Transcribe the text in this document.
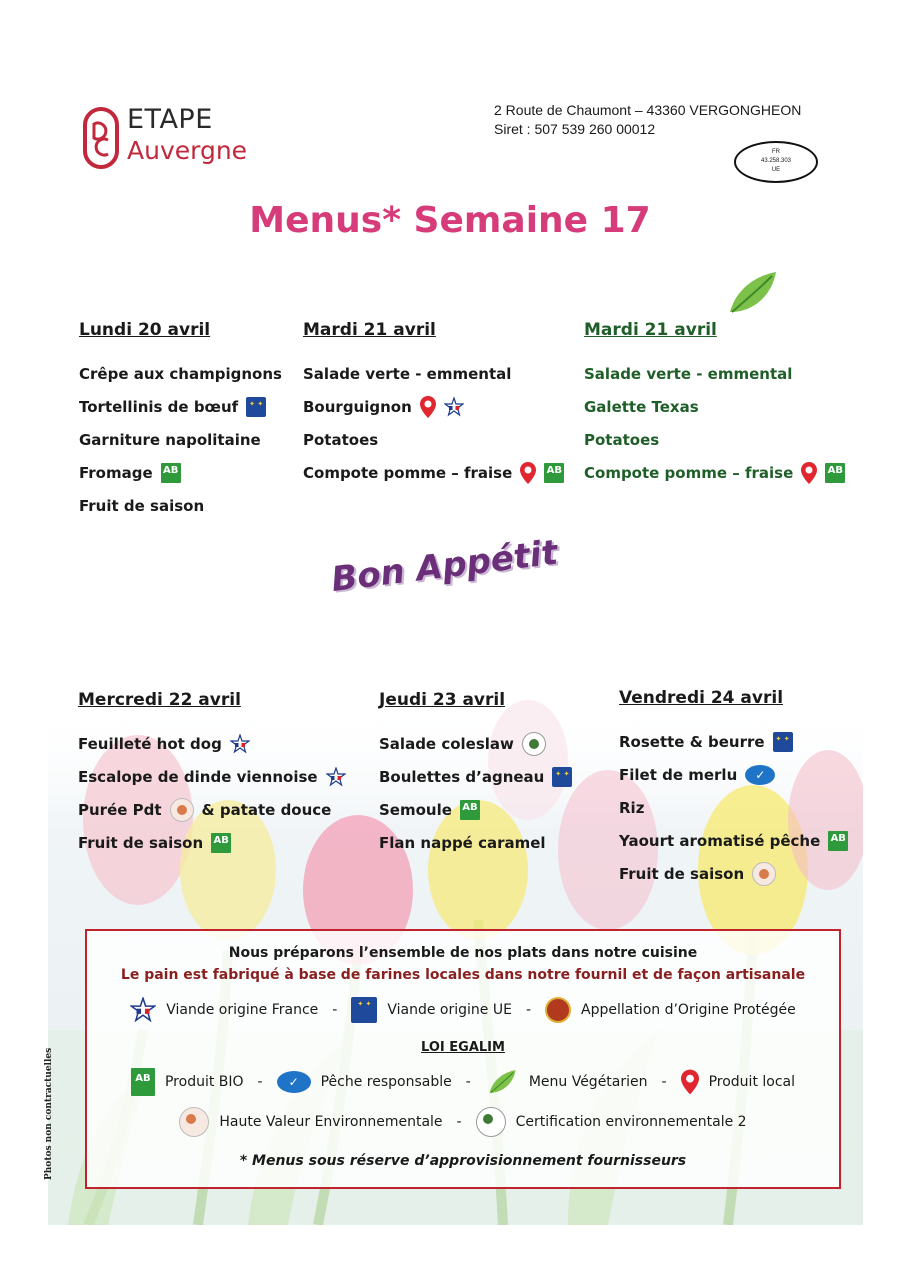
ETAPE
Auvergne
2 Route de Chaumont – 43360 VERGONGHEON
Siret : 507 539 260 00012
FR
43.258.303
UE
Menus* Semaine 17
Lundi 20 avril
Crêpe aux champignons
Tortellinis de bœuf
✦ ✦
Garniture napolitaine
Fromage AB
Fruit de saison
Mardi 21 avril
Salade verte - emmental
Bourguignon
Potatoes
Compote pomme – fraise	AB
Mardi 21 avril
Salade verte - emmental
Galette Texas
Potatoes
Compote pomme – fraise	AB
Bon Appétit
Mercredi 22 avril
Feuilleté hot dog
Escalope de dinde viennoise
Purée Pdt	& patate douce
Fruit de saison AB
Jeudi 23 avril
Salade coleslaw
Boulettes d’agneau
✦ ✦
Semoule AB
Flan nappé caramel
Vendredi 24 avril
Rosette & beurre
✦ ✦
Filet de merlu	✓
Riz
Yaourt aromatisé pêche AB
Fruit de saison
Nous préparons l’ensemble de nos plats dans notre cuisine
Le pain est fabriqué à base de farines locales dans notre fournil et de façon artisanale
Viande origine France -
✦ ✦	Viande origine UE -	Appellation d’Origine Protégée
LOI EGALIM
AB	Produit BIO -	✓	Pêche responsable -	Menu Végétarien -	Produit local
Haute Valeur Environnementale -	Certification environnementale 2
* Menus sous réserve d’approvisionnement fournisseurs
Photos non contractuelles
